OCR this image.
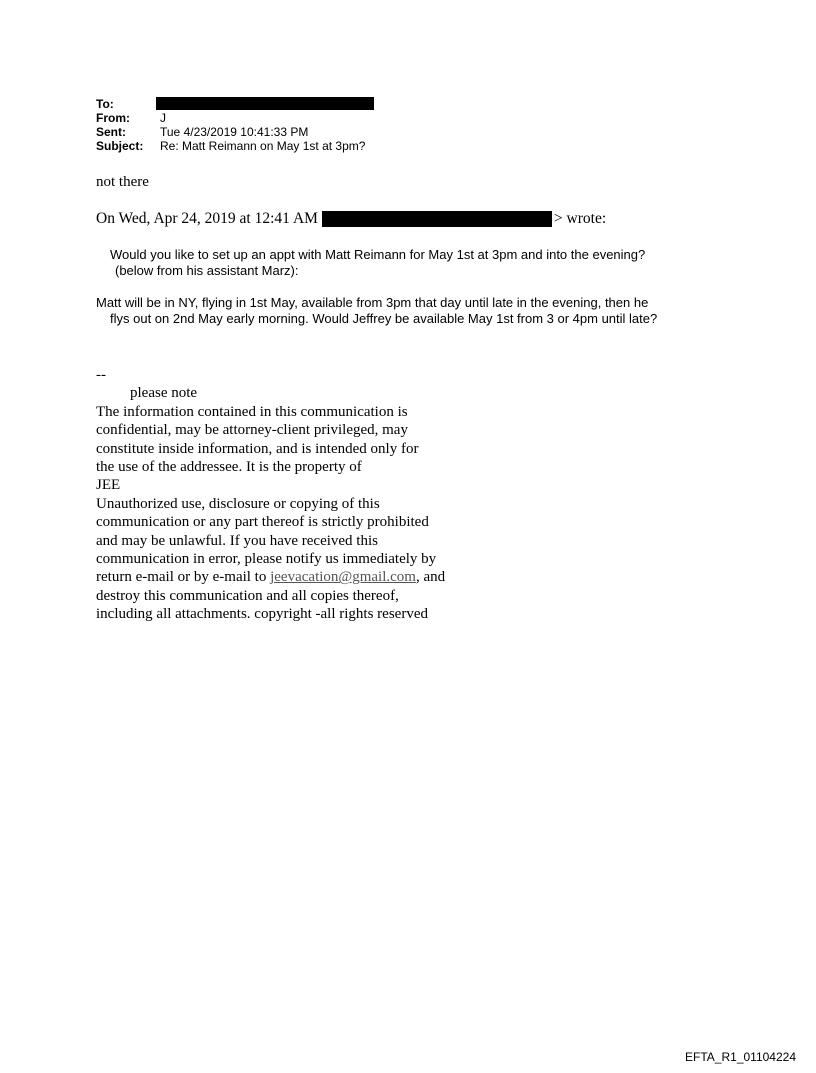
To:
From:	J
Sent:	Tue 4/23/2019 10:41:33 PM
Subject:	Re: Matt Reimann on May 1st at 3pm?
not there
On Wed, Apr 24, 2019 at 12:41 AM	> wrote:
Would you like to set up an appt with Matt Reimann for May 1st at 3pm and into the evening?
(below from his assistant Marz):
Matt will be in NY, flying in 1st May, available from 3pm that day until late in the evening, then he
flys out on 2nd May early morning. Would Jeffrey be available May 1st from 3 or 4pm until late?
--
please note
The information contained in this communication is
confidential, may be attorney-client privileged, may
constitute inside information, and is intended only for
the use of the addressee. It is the property of
JEE
Unauthorized use, disclosure or copying of this
communication or any part thereof is strictly prohibited
and may be unlawful. If you have received this
communication in error, please notify us immediately by
return e-mail or by e-mail to jeevacation@gmail.com, and
destroy this communication and all copies thereof,
including all attachments. copyright -all rights reserved
EFTA_R1_01104224
